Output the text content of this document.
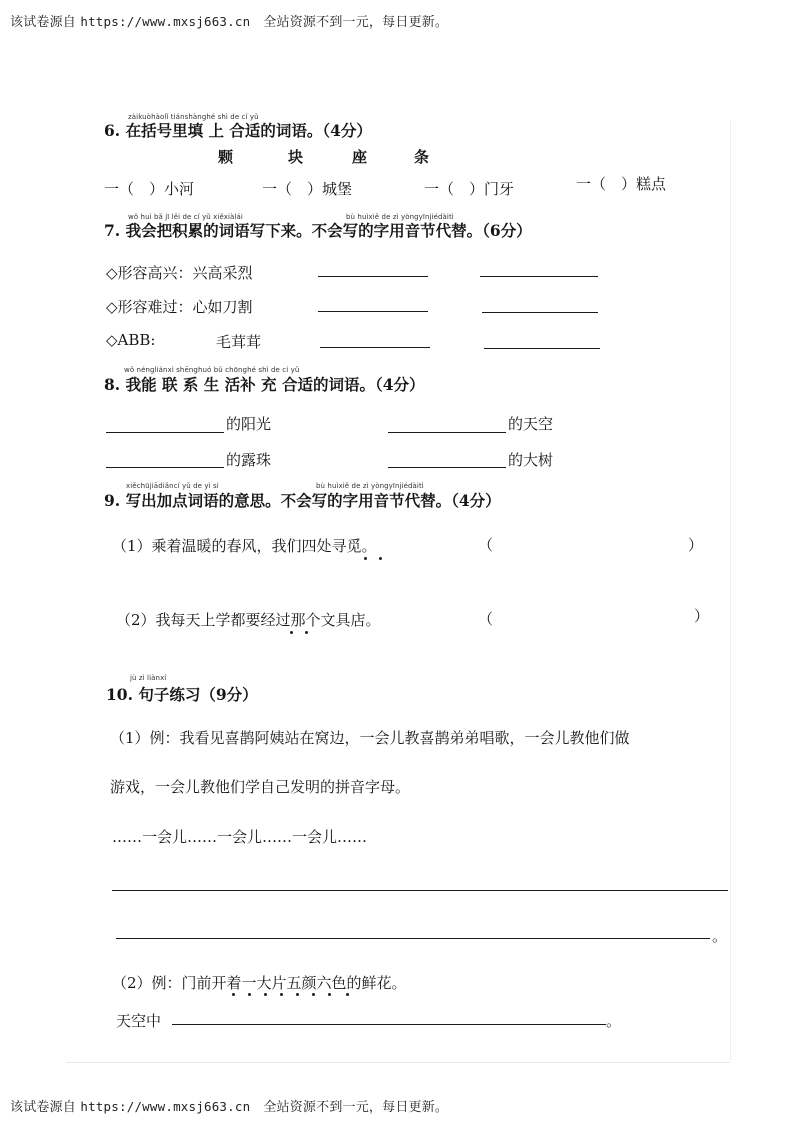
该试卷源自 https://www.mxsj663.cn 全站资源不到一元，每日更新。
zàikuòhàolǐ tiánshànghé shì de cí yǔ
6. 在括号里填 上 合适的词语。（4分）
颗	块	座	条
一（　）小河	一（　）城堡	一（　）门牙	一（　）糕点
wǒ huì bǎ jī lěi de cí yǔ xiěxiàlái	bù huìxiě de zì yòngyīnjiédàitì
7. 我会把积累的词语写下来。不会写的字用音节代替。（6分）
◇形容高兴：兴高采烈
◇形容难过：心如刀割
◇ABB:	毛茸茸
wǒ néngliánxì shēnghuó bǔ chōnghé shì de cí yǔ
8. 我能 联 系 生 活补 充 合适的词语。（4分）
的阳光	的天空
的露珠	的大树
xiěchūjiādiǎncí yǔ de yì si	bù huìxiě de zì yòngyīnjiédàitì
9. 写出加点词语的意思。不会写的字用音节代替。（4分）
（1）乘着温暖的春风，我们四处寻觅。	（	）
（2）我每天上学都要经过那个文具店。	（	）
jù zi liànxí
10. 句子练习（9分）
（1）例：我看见喜鹊阿姨站在窝边，一会儿教喜鹊弟弟唱歌，一会儿教他们做
游戏，一会儿教他们学自己发明的拼音字母。
……一会儿……一会儿……一会儿……
。
（2）例：门前开着一大片五颜六色的鲜花。
天空中	。
该试卷源自 https://www.mxsj663.cn 全站资源不到一元，每日更新。
